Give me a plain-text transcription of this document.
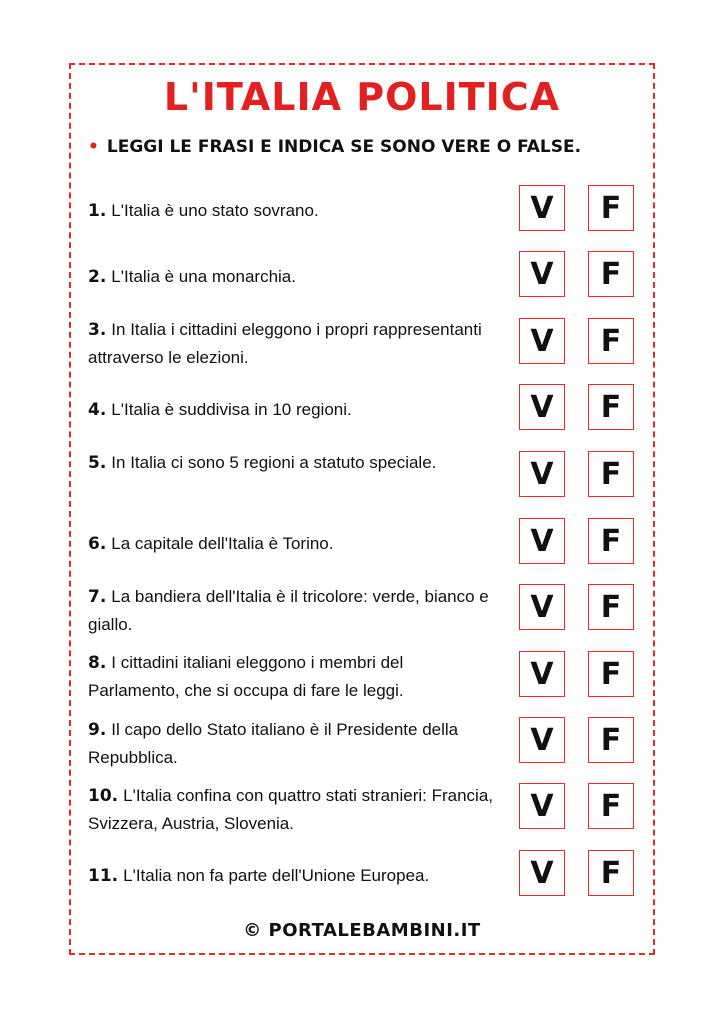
L'ITALIA POLITICA
• LEGGI LE FRASI E INDICA SE SONO VERE O FALSE.
1. L'Italia è uno stato sovrano.	V	F
2. L'Italia è una monarchia.	V	F
3. In Italia i cittadini eleggono i propri rappresentanti attraverso le elezioni.	V	F
4. L'Italia è suddivisa in 10 regioni.	V	F
5. In Italia ci sono 5 regioni a statuto speciale.	V	F
6. La capitale dell'Italia è Torino.	V	F
7. La bandiera dell'Italia è il tricolore: verde, bianco e giallo.	V	F
8. I cittadini italiani eleggono i membri del Parlamento, che si occupa di fare le leggi.	V	F
9. Il capo dello Stato italiano è il Presidente della Repubblica.	V	F
10. L'Italia confina con quattro stati stranieri: Francia, Svizzera, Austria, Slovenia.	V	F
11. L'Italia non fa parte dell'Unione Europea.	V	F
© PORTALEBAMBINI.IT
